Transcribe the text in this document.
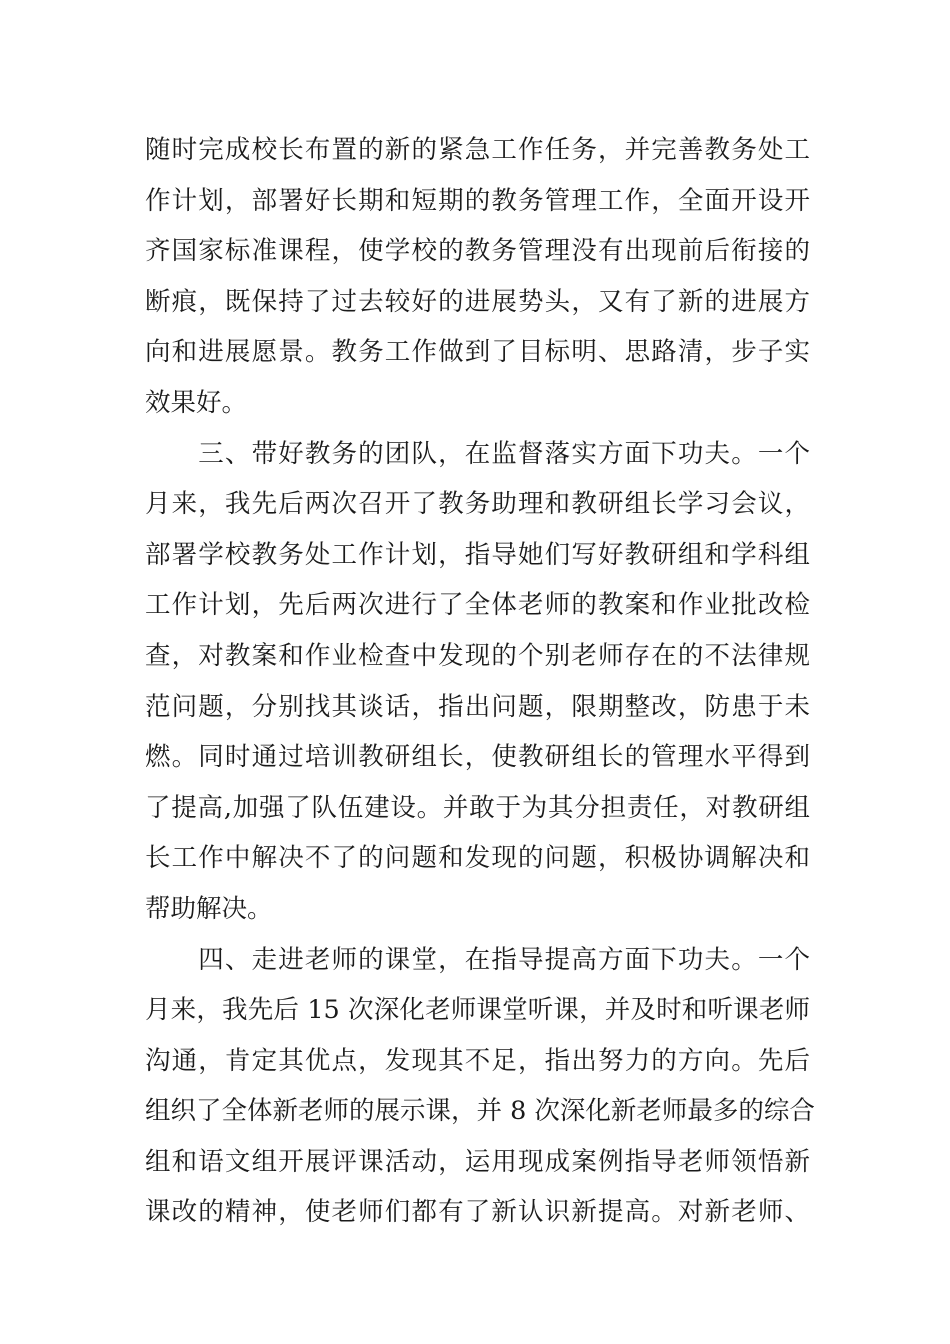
随时完成校长布置的新的紧急工作任务，并完善教务处工
作计划，部署好长期和短期的教务管理工作，全面开设开
齐国家标准课程，使学校的教务管理没有出现前后衔接的
断痕，既保持了过去较好的进展势头，又有了新的进展方
向和进展愿景。教务工作做到了目标明、思路清，步子实
效果好。
　　三、带好教务的团队，在监督落实方面下功夫。一个
月来，我先后两次召开了教务助理和教研组长学习会议，
部署学校教务处工作计划，指导她们写好教研组和学科组
工作计划，先后两次进行了全体老师的教案和作业批改检
查，对教案和作业检查中发现的个别老师存在的不法律规
范问题，分别找其谈话，指出问题，限期整改，防患于未
燃。同时通过培训教研组长，使教研组长的管理水平得到
了提高,加强了队伍建设。并敢于为其分担责任，对教研组
长工作中解决不了的问题和发现的问题，积极协调解决和
帮助解决。
　　四、走进老师的课堂，在指导提高方面下功夫。一个
月来，我先后 15 次深化老师课堂听课，并及时和听课老师
沟通，肯定其优点，发现其不足，指出努力的方向。先后
组织了全体新老师的展示课，并 8 次深化新老师最多的综合
组和语文组开展评课活动，运用现成案例指导老师领悟新
课改的精神，使老师们都有了新认识新提高。对新老师、
